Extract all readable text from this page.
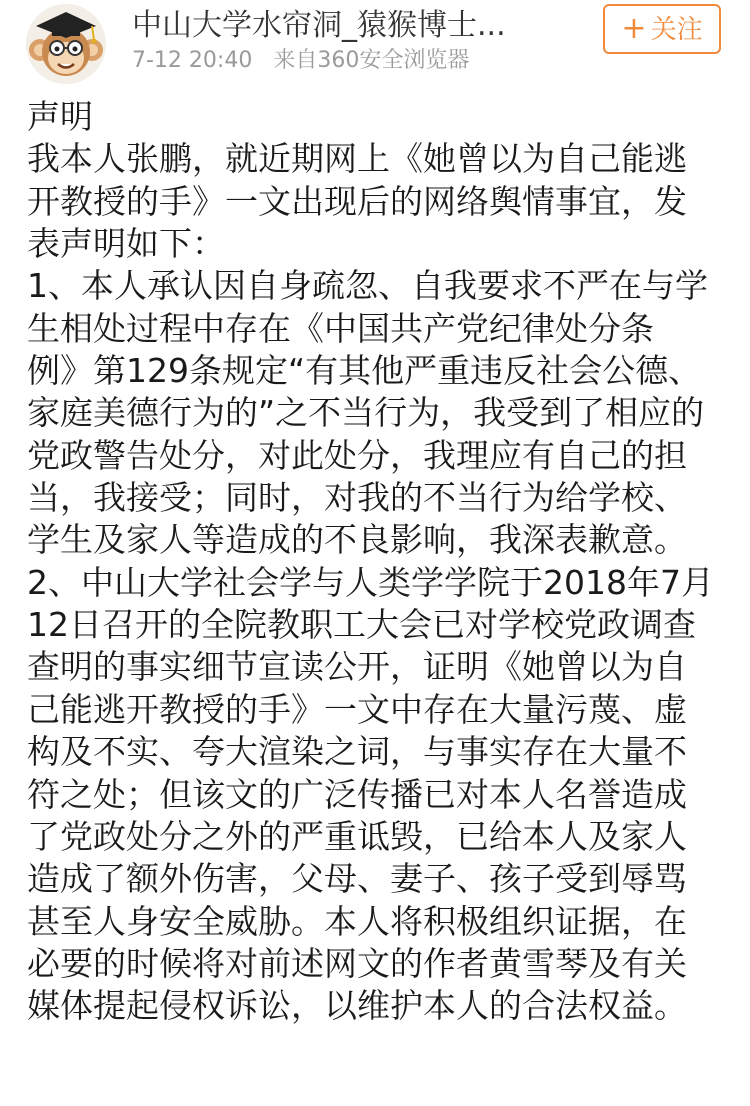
中山大学水帘洞_猿猴博士...
7-12 20:40 来自360安全浏览器
+ 关注
声明
我本人张鹏，就近期网上《她曾以为自己能逃
开教授的手》一文出现后的网络舆情事宜，发
表声明如下：
1、本人承认因自身疏忽、自我要求不严在与学
生相处过程中存在《中国共产党纪律处分条
例》第129条规定“有其他严重违反社会公德、
家庭美德行为的”之不当行为，我受到了相应的
党政警告处分，对此处分，我理应有自己的担
当，我接受；同时，对我的不当行为给学校、
学生及家人等造成的不良影响，我深表歉意。
2、中山大学社会学与人类学学院于2018年7月
12日召开的全院教职工大会已对学校党政调查
查明的事实细节宣读公开，证明《她曾以为自
己能逃开教授的手》一文中存在大量污蔑、虚
构及不实、夸大渲染之词，与事实存在大量不
符之处；但该文的广泛传播已对本人名誉造成
了党政处分之外的严重诋毁，已给本人及家人
造成了额外伤害，父母、妻子、孩子受到辱骂
甚至人身安全威胁。本人将积极组织证据，在
必要的时候将对前述网文的作者黄雪琴及有关
媒体提起侵权诉讼，以维护本人的合法权益。
